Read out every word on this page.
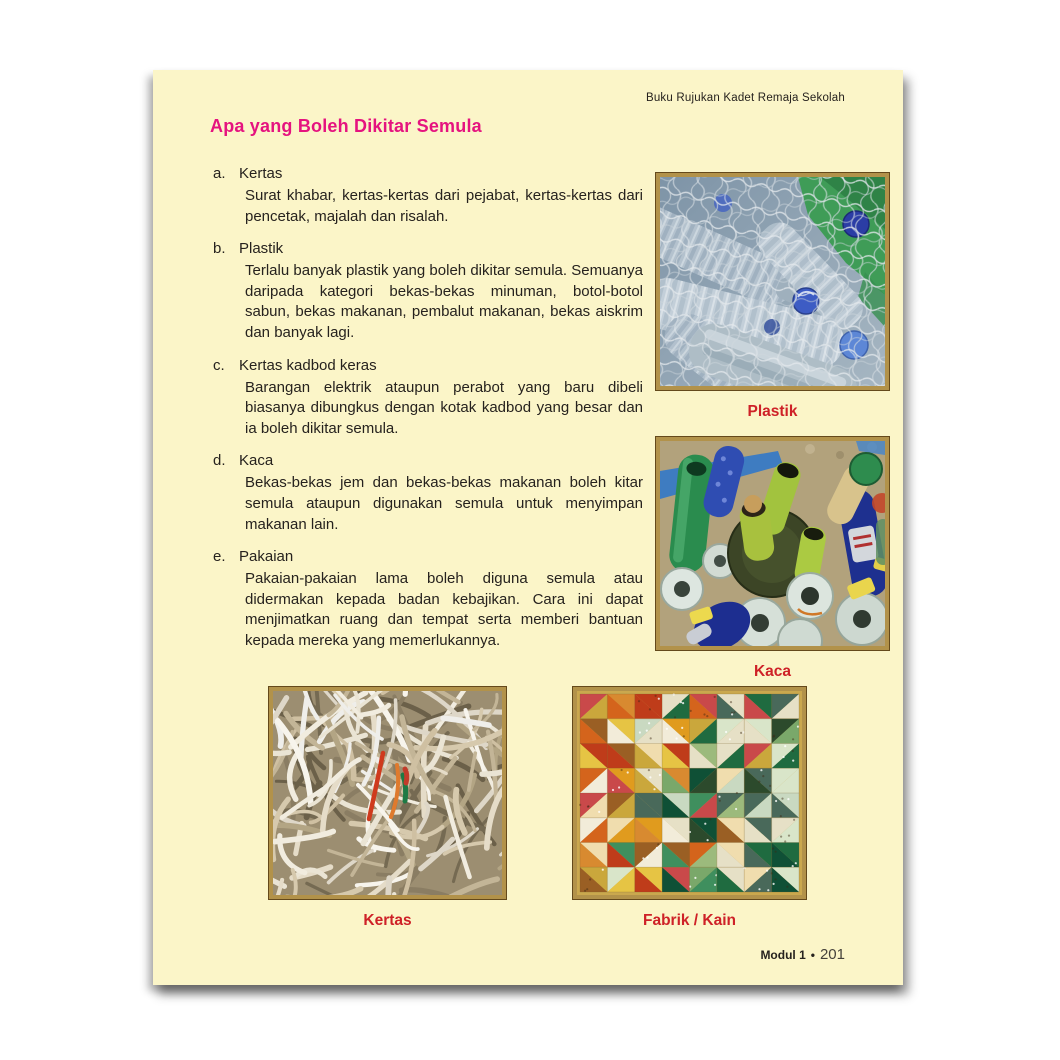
Buku Rujukan Kadet Remaja Sekolah
Apa yang Boleh Dikitar Semula
a. Kertas
Surat khabar, kertas-kertas dari pejabat, kertas-kertas dari pencetak, majalah dan risalah.
b. Plastik
Terlalu banyak plastik yang boleh dikitar semula. Semuanya daripada kategori bekas-bekas minuman, botol-botol sabun, bekas makanan, pembalut makanan, bekas aiskrim dan banyak lagi.
c. Kertas kadbod keras
Barangan elektrik ataupun perabot yang baru dibeli biasanya dibungkus dengan kotak kadbod yang besar dan ia boleh dikitar semula.
d. Kaca
Bekas-bekas jem dan bekas-bekas makanan boleh kitar semula ataupun digunakan semula untuk menyimpan makanan lain.
e. Pakaian
Pakaian-pakaian lama boleh diguna semula atau didermakan kepada badan kebajikan. Cara ini dapat menjimatkan ruang dan tempat serta memberi bantuan kepada mereka yang memerlukannya.
Plastik
Kaca
Kertas	Fabrik / Kain
Modul 1 • 201
